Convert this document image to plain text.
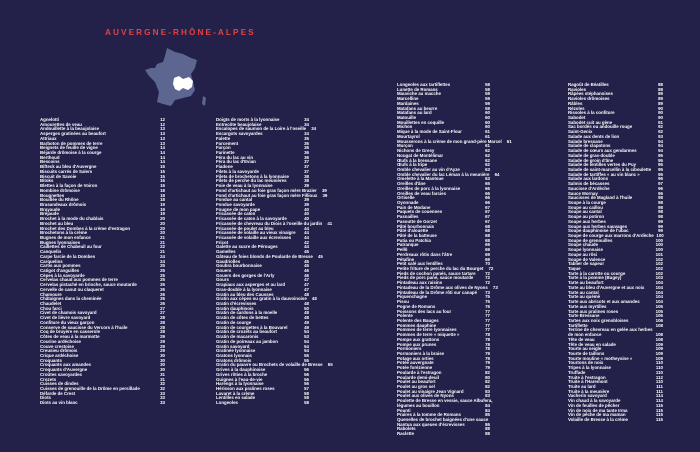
AUVERGNE-RHÔNE-ALPES
Agnelotti	12
Amourettes de veau	12
Andouillette à la beaujolaise	13
Asperges gratinées au beaufort	13
Attriaux	13
Barboton de pommes de terre	13
Beignets de feuille de vigne	14
Béjarde drômoise à la courge	14
Berthoud	14
Bescoins	14
Bifteck au bleu d'Auvergne	15
Biscuits carrés de Salers	15
Biscuit de Savoie	15
Bitoks	16
Blettes à la façon de Voiron	16
Bombine drômoise	18
Bougnettes	18
Bouillée du Rhône	18
Brasandeaux drômois	19
Brayaude	19
Bréjaude	19
Brochet à la mode du chablais	20
Brochet au bleu	20
Brochet des Dombes à la crème d'estragon	20
Brochetons à la crème	20
Bugnes de mon enfance	21
Bugnes lyonnaises	21
Caillettes de Chabeuil au four	22
Canquelin	21
Carpe farcie de la Dombes	24
Carquelins	24
Cartis aux pommes	25
Catigot d'anguilles	25
Cèpes à la savoyarde	25
Cervelas chaud aux pommes de terre	25
Cervelas pistaché en brioche, sauce moutarde	26
Cervelle de canut ou claqueret	26
Chamoure	26
Châtaignes dans la cheminée	26
Chaudelet	26
Chou farci	27
Civet de chamois savoyard	27
Civet de lièvre savoyard	28
Confiture du vieux garçon	28
Conserve de saucisse du Vercors à l'huile	28
Coq de bruyère en casserole	28
Côtes de veau à la marmotte	29
Courine ardéchoise	29
Couve crestoise	29
Creusieu drômois	29
Crique ardéchoise	30
Croquants	30
Croquants aux amandes	30
Croquants d'Auvergne	30
Croûtes savoyardes	31
Crozets	31
Cuisses de dindes	32
Cuisses de grenouille de la Drôme en persillade	32
Défarde de Crest	33
Diots	33
Diots au vin blanc	33
Doigts de morts à la lyonnaise	34
Entrecôte beaujolaise	34
Escalopes de saumon de la Loire à l'oseille	34
Escargots savoyardes	34
Falette	35
Farcement	35
Farçon	36
Farinette	36
Féra du lac au vin	36
Féra du lac d'Evian	37
Fiadone	37
Filets à la savoyarde	37
Filets de brochetons à la lyonnaise	38
Filets de perche du lac meunières	38
Foie de veau à la lyonnaise	39
Fond d'artichaut au foie gras façon mère Brazier	39
Fond d'artichaut au foie gras façon mère Fillioux	39
Fondue au cantal	39
Fondue savoyarde	39
Fougne de mon pape	40
Fricassée de caïon	40
Fricassée de caïon à la savoyarde	40
Fricassée de chevreau du Diois à l'oseille du jardin	41
Fricassée de poulet au bleu	44
Fricassée de volaille au vieux vinaigre	44
Fricassée de volaille aux écrevisses	44
Fricot	42
Galette au sucre de Pérouges	44
Gamelles	45
Gâteau de foies blonds de Poularde de Bresse	45
Gaudriolles	45
Goubra bourbonnaise	45
Gouers	46
Gouers des gorges de l'Arly	46
Gours	47
Grapiaux aux asperges et au lard	47
Gras-double à la lyonnaise	47
Gratin au bleu des Causses	48
Gratin aux cèpes ou gratin à la dauvoinoise	48
Gratin d'écrevisses	48
Gratin dauphinois	50
Gratin de cardons à la moelle	48
Gratin de côtes de bettes	48
Gratin de courge	49
Gratin de courgettes à la Bouvarel	49
Gratin de crozets au beaufort	54
Gratin de macaronis	53
Gratin de poireaux au jambon	54
Gratin savoyard	54
Gratinée lyonnaise	54
Gratons lyonnais	55
Gratons drômois	55
Gratin du pauvre ou Brochets de volaille de Bresse	55
Grives à la dauphinoise	56
Grives rôties à la broche	56
Guignes à l'eau-de-vie	56
Harengs à la lyonnaise	56
Hérisson aux pralines roses	57
Lavaret à la crème	58
Lentilles en salade	58
Longeoles	58
Longeoles aux tartiflettes	58
Lunette de Romans	58
Mauviche au macche	59
Marcelline	59
Mardaines	59
Matafans au beurre	59
Matafans au lard	60
Matouille	60
Mouillettes en coquille	60
Michon	60
Mique à la mode de Saint-Flour	61
Mourtayrol	61
Mousserons à la crème de mon grand-père Marcel	61
Murçon	61
Nichons de Gresy	62
Nougat de Montélimar	62
Œufs à la bressane	62
Œufs à la tripe	62
Omble chevalier au vin d'Ayze	63
Omble chevalier du lac Léman à la meunière	64
Omelette à la Mantoue	63
Oreilles d'âne	65
Oreilles de porc à la lyonnaise	66
Oreilles de veau farcies	66
Ortiselle	66
Oyonnade	66
Pain de Modane	67
Paquets de couennes	67
Pasnailles	67
Pasoutte de Gorzet	67
Pâté bourbonnais	68
Pâté d'alouette	68
Pâté de la batteuse	68
Patia ou Patchia	68
Patranque	69
Pellô	69
Perdreaux rôtis dans l'âtre	69
Pétafine	69
Petit salé aux lentilles	70
Petite friture de perche du lac du Bourget	72
Pieds de cochon panés, sauce tartare	72
Pieds de porc pané, sauce moutarde	72
Pintadeau aux raisins	72
Pintadeau de la Drôme aux olives de Nyons	73
Pintadeau de la Drôme rôti sur canapé	73
Piquenchagne	75
Pisou	75
Pogne de Romans	76
Poissons des lacs au four	77
Polente	77
Polente des Bauges	77
Pommes dauphine	77
Pommes de terre lyonnaises	77
Pommes de terre « miquette »	78
Pompe aux grattons	78
Pompe aux prunes	78
Pormoniers	78
Pormoniers à la braise	79
Potage aux orties	79
Potée auvergnate	79
Potée forézienne	79
Poularde à l'estragon	82
Poularde demi-deuil	80
Poulet au beaufort	82
Poulet au gros sel	82
Poulet au vinaigre Jean Vignard	83
Poulet aux olives de Nyons	83
Poulette de Bresse en vessie, sauce Albufera,
légumes au bouillon	84
Pounti	84
Praires à la tomme de Romans	85
Quenelles de brochet baignées d'une sauce
Nantua aux queues d'écrevisses	86
Rabolets	88
Raclette	88
Ragoût de Béatilles	88
Ravioles	88
Râpées stéphanoises	89
Ravioles drômoises	89
Râbles	89
Rézoles	90
Rissoles à la confiture	90
Sabodet	90
Sabodet cuit au gène	91
Sac bordés ou andouille rouge	92
Saint-Genix	92
Salade aux dents de lion	93
Salade bressane	94
Salade de clapotons	94
Salade de cœurs aux gendarmes	94
Salade de gras-double	95
Salade de groin d'âne	95
Salade de lentilles vertes du Puy	95
Salade de saint-marcellin à la ciboulette	95
Salade de tartiffes « au vin blanc »	95
Salade aux lardons	96
Salmis de bécasses	97
Saucisse d'Ardèche	96
Sauce Mornay	96
Saucisses de Magland à l'huile	98
Soupe à la courge	98
Soupe au caillou	98
Soupe au cantal	98
Soupe au potiron	98
Soupe aux herbes	99
Soupe aux herbes sauvages	99
Soupe dauphinoise de l'ubac	99
Soupe de courge aux marrons d'Ardèche 100
Soupe de grenouilles	100
Soupe chaude	100
Soupe lyonnaise	100
Soupe au rôsi	101
Soupe de Valence	102
Tablier de sapeur	102
Taque	102
Tarte à la carotte ou courge	102
Tarte à la pomme (Bugey)	103
Tarte au beaufort	104
Tarte au bleu d'Auvergne et aux noix	104
Tarte au cantal	104
Tarte au quémé	104
Tarte aux abricots et aux amandes	104
Tarte aux myrtilles	105
Tarte aux pralines roses	105
Tarte Bressane	106
Tartes aux noix grenobloises	106
Tartiflette	108
Terrine de chevreau en gelée aux herbes
de mon enfance	108
Tête de veau	108
Tête de veau en salade	109
Tourte au seigle	109
Tourte de taillons	109
Tourte mouline « motheysine »	109
Tourtons de noix	110
Tripes à la lyonnaise	110
Truffade	110
Truite à l'estragon	112
Truite à l'Haremont	110
Truite au lard	111
Truite à la meunière	111
Vacherin savoyard	114
Vin chaud à la savoyarde	114
Vin de feuilles de pêcher	115
Vin de noix de ma tante Irma	115
Vin de pêche de ma maman	115
Volaille de Bresse à la crème	115
